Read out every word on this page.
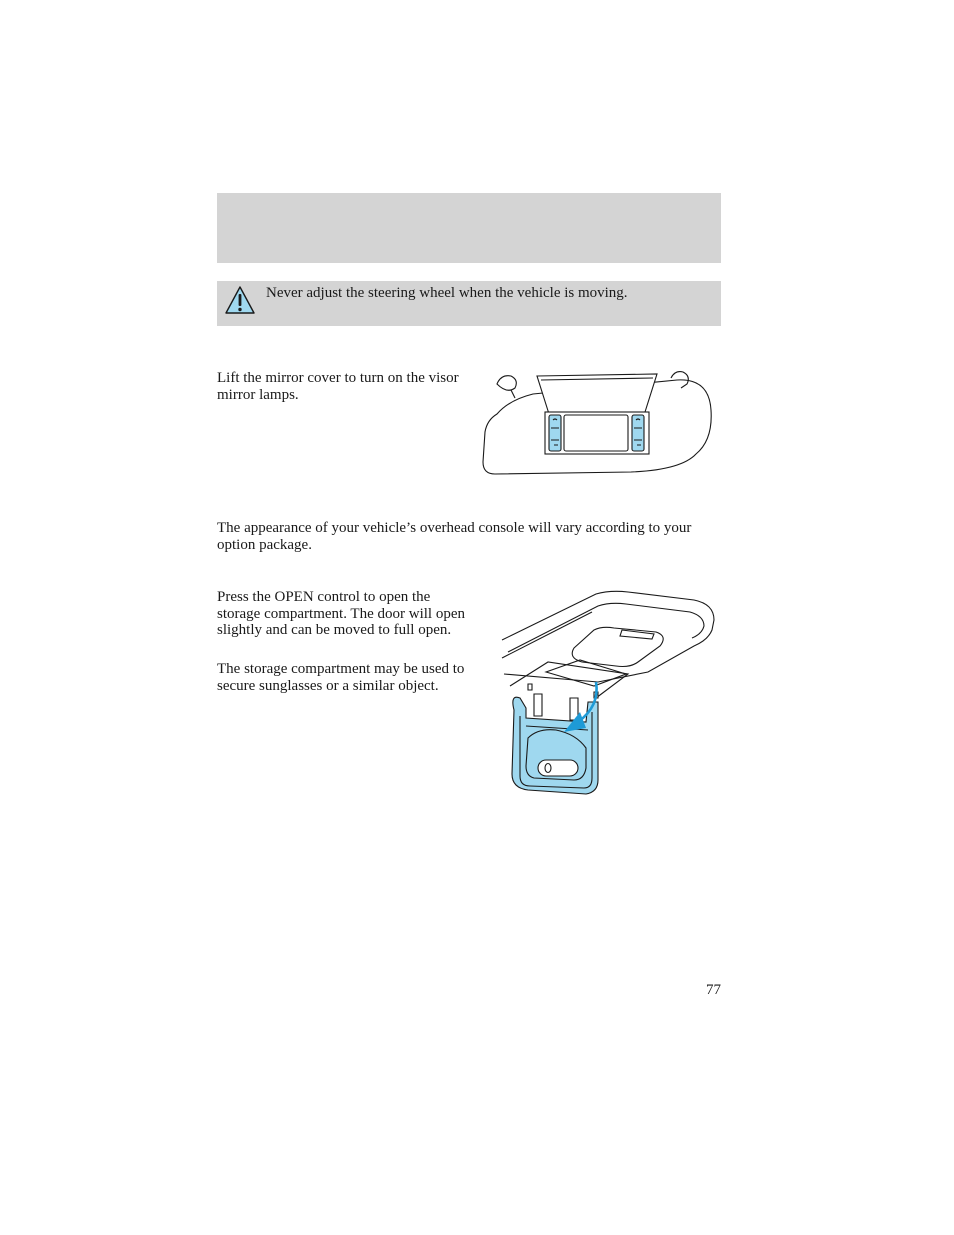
Never adjust the steering wheel when the vehicle is moving.

Lift the mirror cover to turn on the visor mirror lamps.

The appearance of your vehicle’s overhead console will vary according to your option package.

Press the OPEN control to open the storage compartment. The door will open slightly and can be moved to full open.

The storage compartment may be used to secure sunglasses or a similar object.

77
